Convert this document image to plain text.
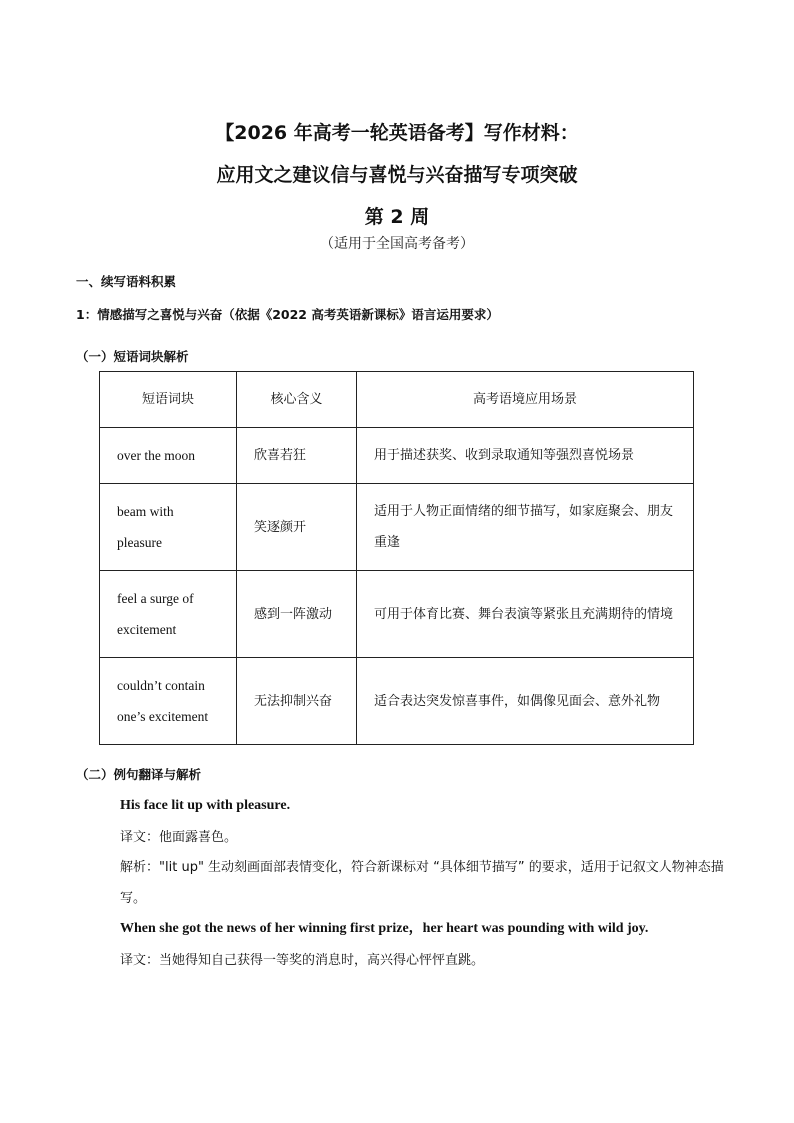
【2026 年高考一轮英语备考】写作材料：
应用文之建议信与喜悦与兴奋描写专项突破
第 2 周
（适用于全国高考备考）
一、续写语料积累
1：情感描写之喜悦与兴奋（依据《2022 高考英语新课标》语言运用要求）
（一）短语词块解析
短语词块	核心含义	高考语境应用场景
over the moon	欣喜若狂	用于描述获奖、收到录取通知等强烈喜悦场景
beam with pleasure	笑逐颜开	适用于人物正面情绪的细节描写，如家庭聚会、朋友重逢
feel a surge of excitement	感到一阵激动	可用于体育比赛、舞台表演等紧张且充满期待的情境
couldn’t contain one’s excitement	无法抑制兴奋	适合表达突发惊喜事件，如偶像见面会、意外礼物
（二）例句翻译与解析
His face lit up with pleasure.
译文：他面露喜色。
解析："lit up" 生动刻画面部表情变化，符合新课标对 “具体细节描写” 的要求，适用于记叙文人物神态描写。
When she got the news of her winning first prize，her heart was pounding with wild joy.
译文：当她得知自己获得一等奖的消息时，高兴得心怦怦直跳。
